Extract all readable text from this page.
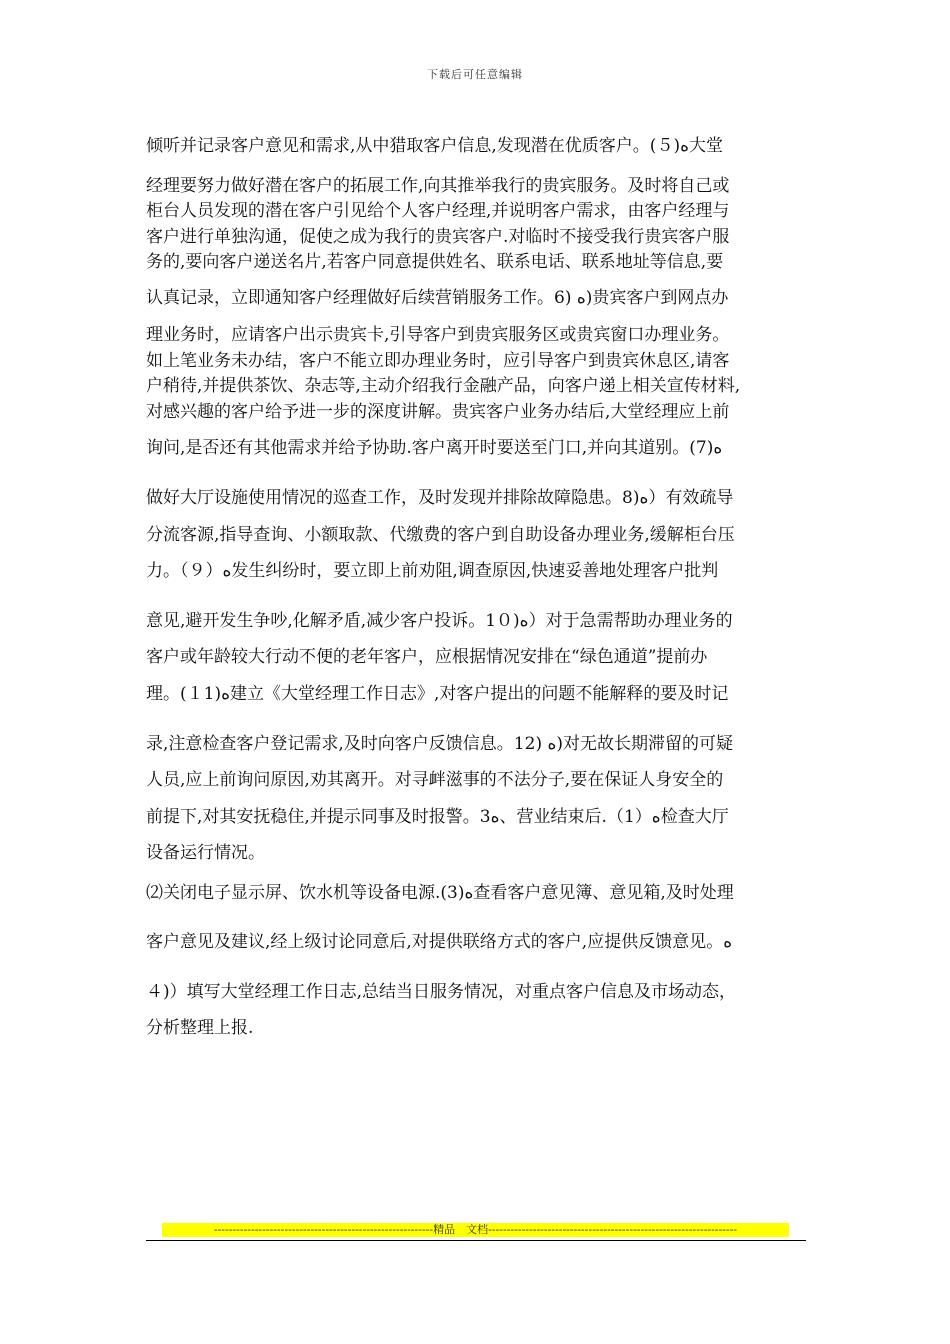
下载后可任意编辑
倾听并记录客户意见和需求,从中猎取客户信息,发现潜在优质客户。(５)ﻩ大堂
经理要努力做好潜在客户的拓展工作,向其推举我行的贵宾服务。及时将自己或
柜台人员发现的潜在客户引见给个人客户经理,并说明客户需求，由客户经理与
客户进行单独沟通，促使之成为我行的贵宾客户.对临时不接受我行贵宾客户服
务的,要向客户递送名片,若客户同意提供姓名、联系电话、联系地址等信息,要
认真记录，立即通知客户经理做好后续营销服务工作。6) ﻩ)贵宾客户到网点办
理业务时，应请客户出示贵宾卡,引导客户到贵宾服务区或贵宾窗口办理业务。
如上笔业务未办结，客户不能立即办理业务时，应引导客户到贵宾休息区,请客
户稍待,并提供茶饮、杂志等,主动介绍我行金融产品，向客户递上相关宣传材料,
对感兴趣的客户给予进一步的深度讲解。贵宾客户业务办结后,大堂经理应上前
询问,是否还有其他需求并给予协助.客户离开时要送至门口,并向其道别。ﻩ(7)
做好大厅设施使用情况的巡查工作，及时发现并排除故障隐患。8)ﻩ）有效疏导
分流客源,指导查询、小额取款、代缴费的客户到自助设备办理业务,缓解柜台压
力。（９）ﻩ发生纠纷时，要立即上前劝阻,调查原因,快速妥善地处理客户批判
意见,避开发生争吵,化解矛盾,减少客户投诉。ﻩ(1０）对于急需帮助办理业务的
客户或年龄较大行动不便的老年客户，应根据情况安排在“绿色通道”提前办
理。(１1)ﻩ建立《大堂经理工作日志》,对客户提出的问题不能解释的要及时记
录,注意检查客户登记需求,及时向客户反馈信息。12) ﻩ)对无故长期滞留的可疑
人员,应上前询问原因,劝其离开。对寻衅滋事的不法分子,要在保证人身安全的
前提下,对其安抚稳住,并提示同事及时报警。3ﻩ、营业结束后.（1）ﻩ检查大厅
设备运行情况。
⑵关闭电子显示屏、饮水机等设备电源.(3)ﻩ查看客户意见簿、意见箱,及时处理
客户意见及建议,经上级讨论同意后,对提供联络方式的客户,应提供反馈意见。ﻩ
４)）填写大堂经理工作日志,总结当日服务情况，对重点客户信息及市场动态，
分析整理上报.
-----------------------------------------------------------精品　文档-------------------------------------------------------------------
